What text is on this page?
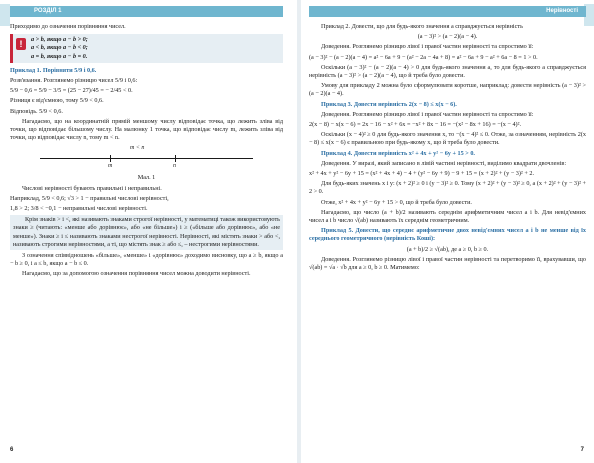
РОЗДІЛ 1

Приходимо до означення порівняння чисел.

!	a > b, якщо a − b > 0;

a < b, якщо a − b < 0;

a = b, якщо a − b = 0.

Приклад 1. Порівняти 5/9 і 0,6.

Розв'язання. Розглянемо різницю чисел 5/9 і 0,6:

5/9 − 0,6 = 5/9 − 3/5 = (25 − 27)/45 = − 2/45 < 0.

Різниця є від'ємною, тому 5/9 < 0,6.

Відповідь. 5/9 < 0,6.

Нагадаємо, що на координатній прямій меншому числу відповідає точка, що лежить зліва від точки, що відповідає більшому числу. На малюнку 1 точка, що відповідає числу m, лежить зліва від точки, що відповідає числу n, тому m < n.

m	n
m < n

Мал. 1

Числові нерівності бувають правильні і неправильні.

Наприклад, 5/9 < 0,6; √3 > 1 − правильні числові нерівності,

1,8 > 2; 3/8 < −0,1 − неправильні числові нерівності.

Крім знаків > і <, які називають знаками строгої нерівності, у математиці також використовують знаки ≥ (читають: «менше або дорівнює», або «не більше») і ≥ («більше або дорівнює», або «не менше»). Знаки ≥ і ≤ називають знаками нестрогої нерівності. Нерівності, які містять знаки > або <, називають строгими нерівностями, а ті, що містять знак ≥ або ≤, – нестрогими нерівностями.

З означення співвідношень «більше», «менше» і «дорівнює» доходимо висновку, що a ≥ b, якщо a − b ≥ 0, і a ≤ b, якщо a − b ≤ 0.

Нагадаємо, що за допомогою означення порівняння чисел можна доводити нерівності.

6
Нерівності

Приклад 2. Довести, що для будь-якого значення a справджується нерівність

(a − 3)² > (a − 2)(a − 4).

Доведення. Розглянемо різницю лівої і правої частин нерівності та спростимо її:

(a − 3)² − (a − 2)(a − 4) = a² − 6a + 9 − (a² − 2a − 4a + 8) = a² − 6a + 9 − a² + 6a − 8 = 1 > 0.

Оскільки (a − 3)² − (a − 2)(a − 4) > 0 для будь-якого значення a, то для будь-якого a справджується нерівність (a − 3)² > (a − 2)(a − 4), що й треба було довести.

Умову для прикладу 2 можна було сформулювати коротше, наприклад: довести нерівність (a − 3)² > (a − 2)(a − 4).

Приклад 3. Довести нерівність 2(x − 8) ≤ x(x − 6).

Доведення. Розглянемо різницю лівої і правої частин нерівності та спростимо її:

2(x − 8) − x(x − 6) = 2x − 16 − x² + 6x = −x² + 8x − 16 = −(x² − 8x + 16) = −(x − 4)².

Оскільки (x − 4)² ≥ 0 для будь-якого значення x, то −(x − 4)² ≤ 0. Отже, за означенням, нерівність 2(x − 8) ≤ x(x − 6) є правильною при будь-якому x, що й треба було довести.

Приклад 4. Довести нерівність x² + 4x + y² − 6y + 15 > 0.

Доведення. У виразі, який записано в лівій частині нерівності, виділимо квадрати двочленів:

x² + 4x + y² − 6y + 15 = (x² + 4x + 4) − 4 + (y² − 6y + 9) − 9 + 15 = (x + 2)² + (y − 3)² + 2.

Для будь-яких значень x і y: (x + 2)² ≥ 0 і (y − 3)² ≥ 0. Тому (x + 2)² + (y − 3)² ≥ 0, а (x + 2)² + (y − 3)² + 2 > 0.

Отже, x² + 4x + y² − 6y + 15 > 0, що й треба було довести.

Нагадаємо, що число (a + b)/2 називають середнім арифметичним чисел a і b. Для невід'ємних чисел a і b число √(ab) називають їх середнім геометричним.

Приклад 5. Довести, що середнє арифметичне двох невід'ємних чисел a і b не менше від їх середнього геометричного (нерівність Коші):

(a + b)/2 ≥ √(ab), де a ≥ 0, b ≥ 0.

Доведення. Розглянемо різницю лівої і правої частин нерівності та перетворимо її, врахувавши, що √(ab) = √a · √b для a ≥ 0, b ≥ 0. Матимемо:

7
